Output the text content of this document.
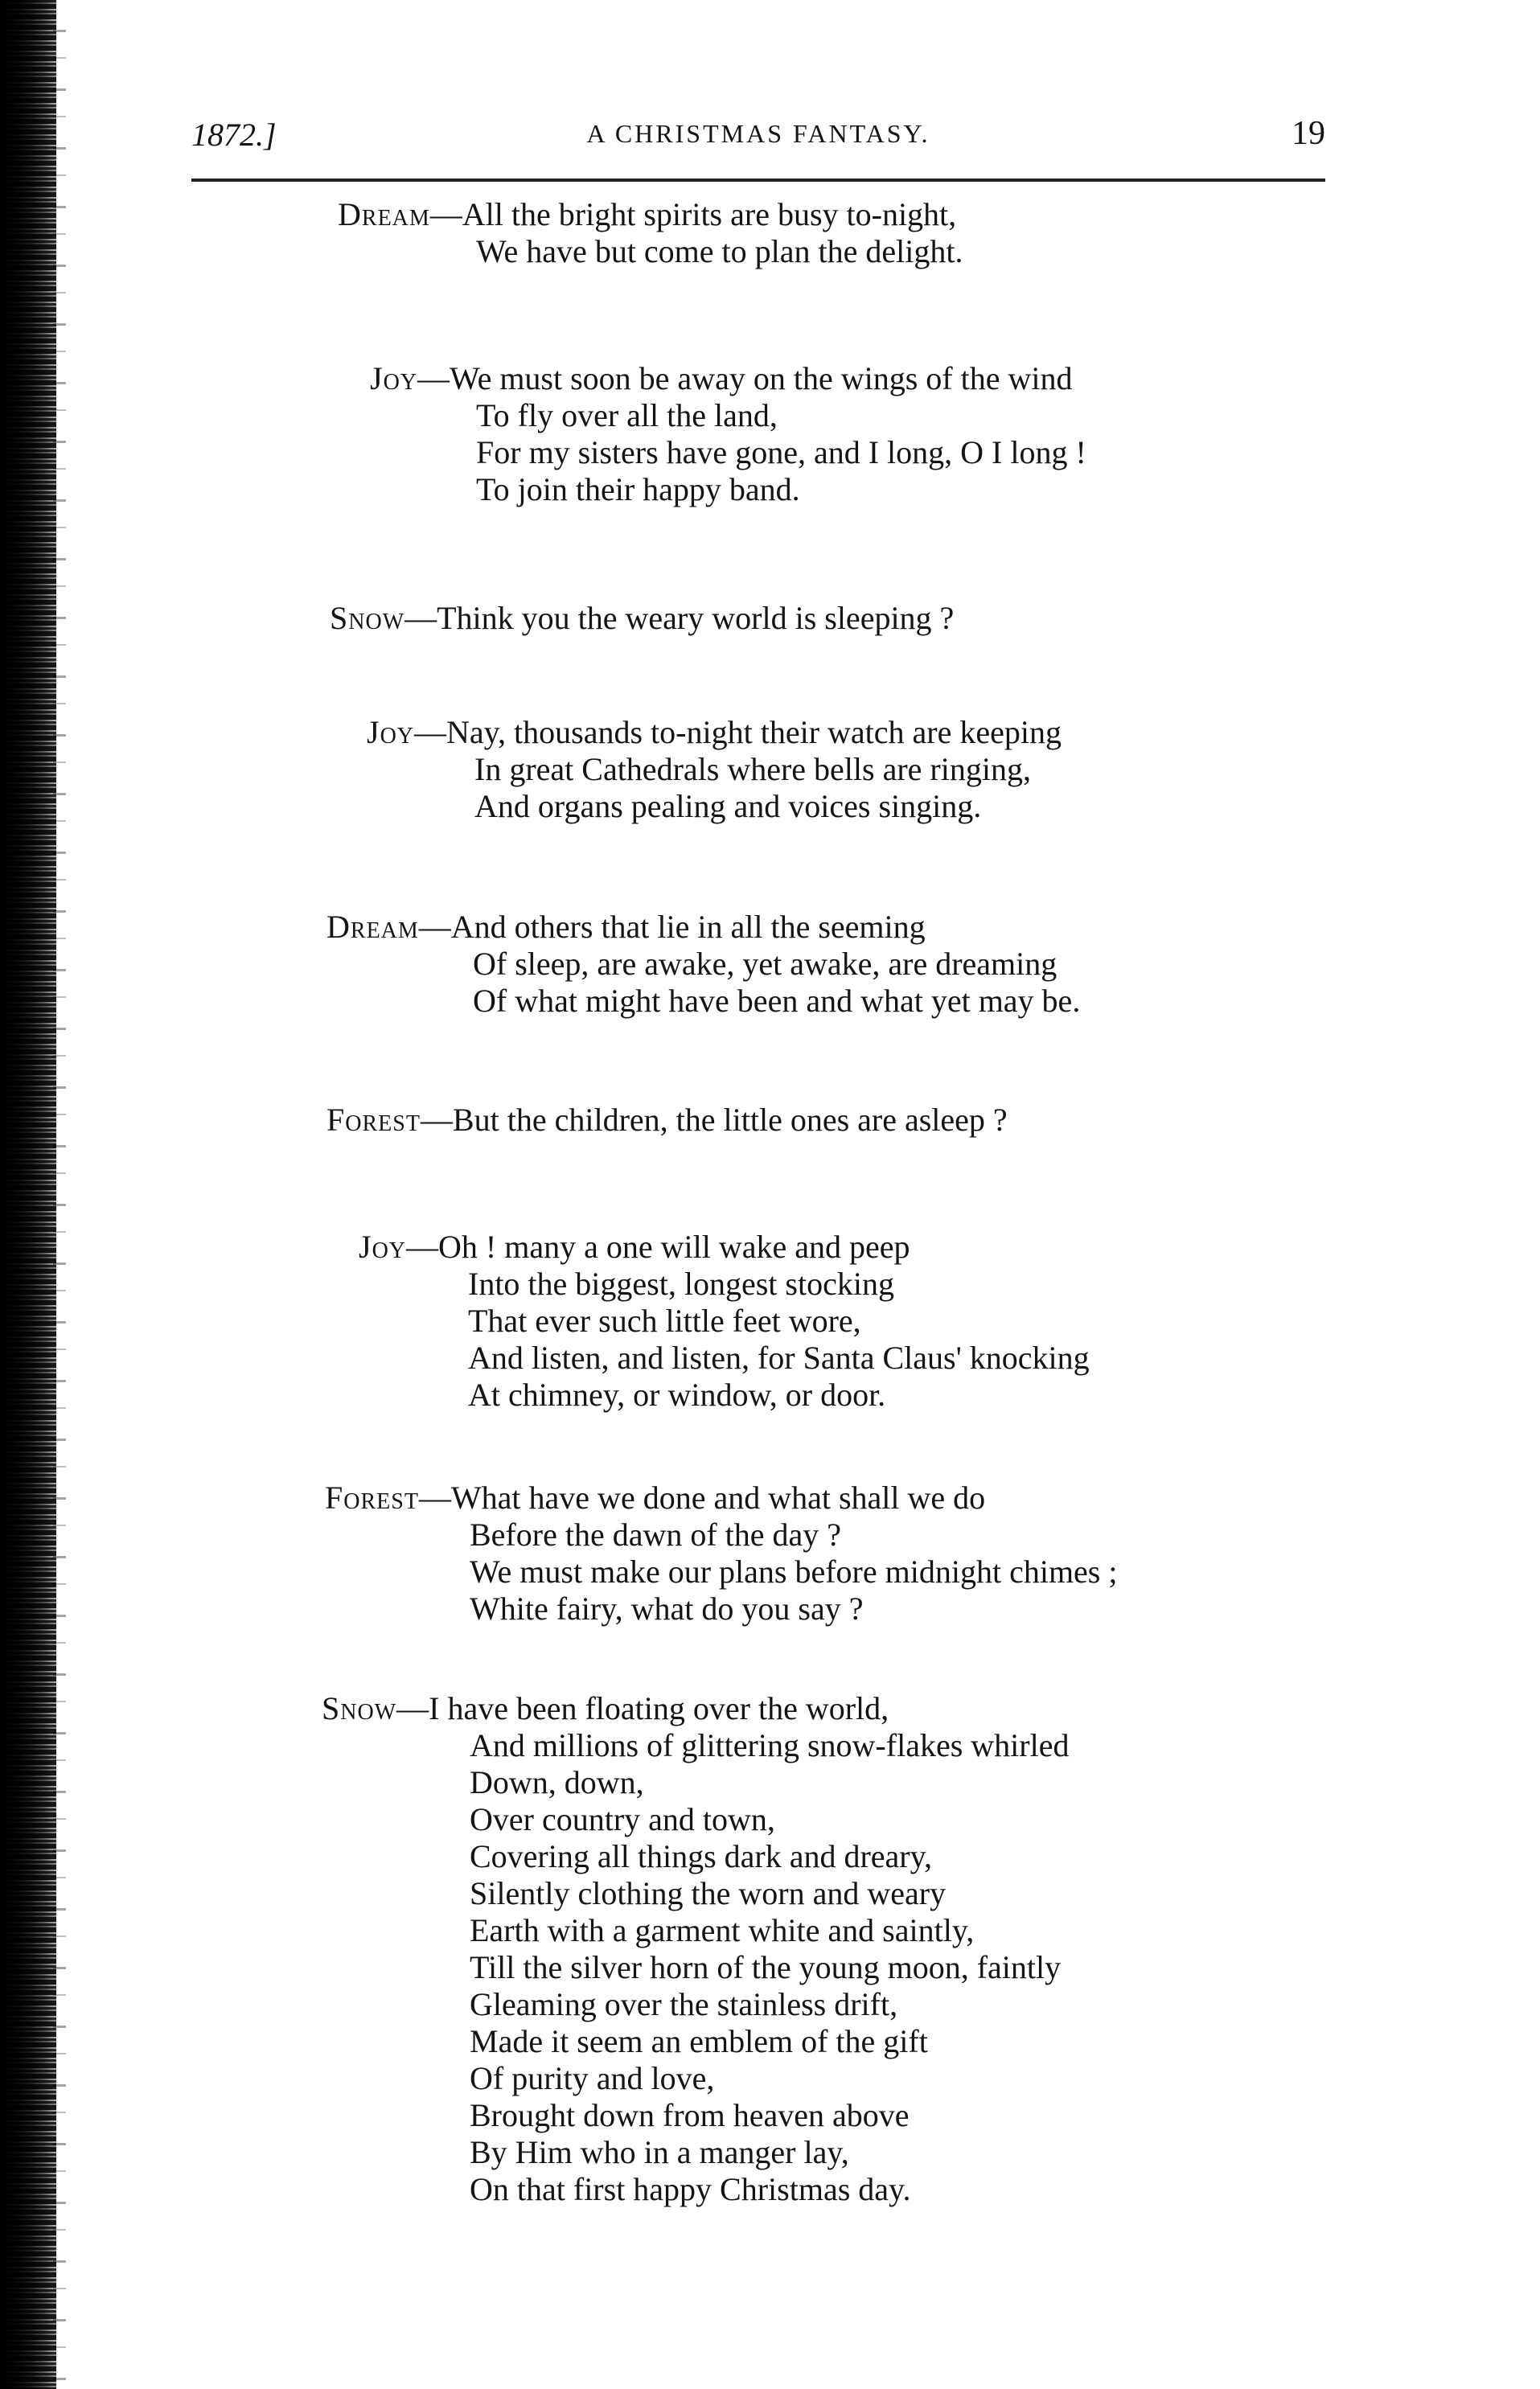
1872.]	A CHRISTMAS FANTASY.	19
Dream—All the bright spirits are busy to-night,
We have but come to plan the delight.
Joy—We must soon be away on the wings of the wind
To fly over all the land,
For my sisters have gone, and I long, O I long !
To join their happy band.
Snow—Think you the weary world is sleeping ?
Joy—Nay, thousands to-night their watch are keeping
In great Cathedrals where bells are ringing,
And organs pealing and voices singing.
Dream—And others that lie in all the seeming
Of sleep, are awake, yet awake, are dreaming
Of what might have been and what yet may be.
Forest—But the children, the little ones are asleep ?
Joy—Oh ! many a one will wake and peep
Into the biggest, longest stocking
That ever such little feet wore,
And listen, and listen, for Santa Claus' knocking
At chimney, or window, or door.
Forest—What have we done and what shall we do
Before the dawn of the day ?
We must make our plans before midnight chimes ;
White fairy, what do you say ?
Snow—I have been floating over the world,
And millions of glittering snow-flakes whirled
Down, down,
Over country and town,
Covering all things dark and dreary,
Silently clothing the worn and weary
Earth with a garment white and saintly,
Till the silver horn of the young moon, faintly
Gleaming over the stainless drift,
Made it seem an emblem of the gift
Of purity and love,
Brought down from heaven above
By Him who in a manger lay,
On that first happy Christmas day.
